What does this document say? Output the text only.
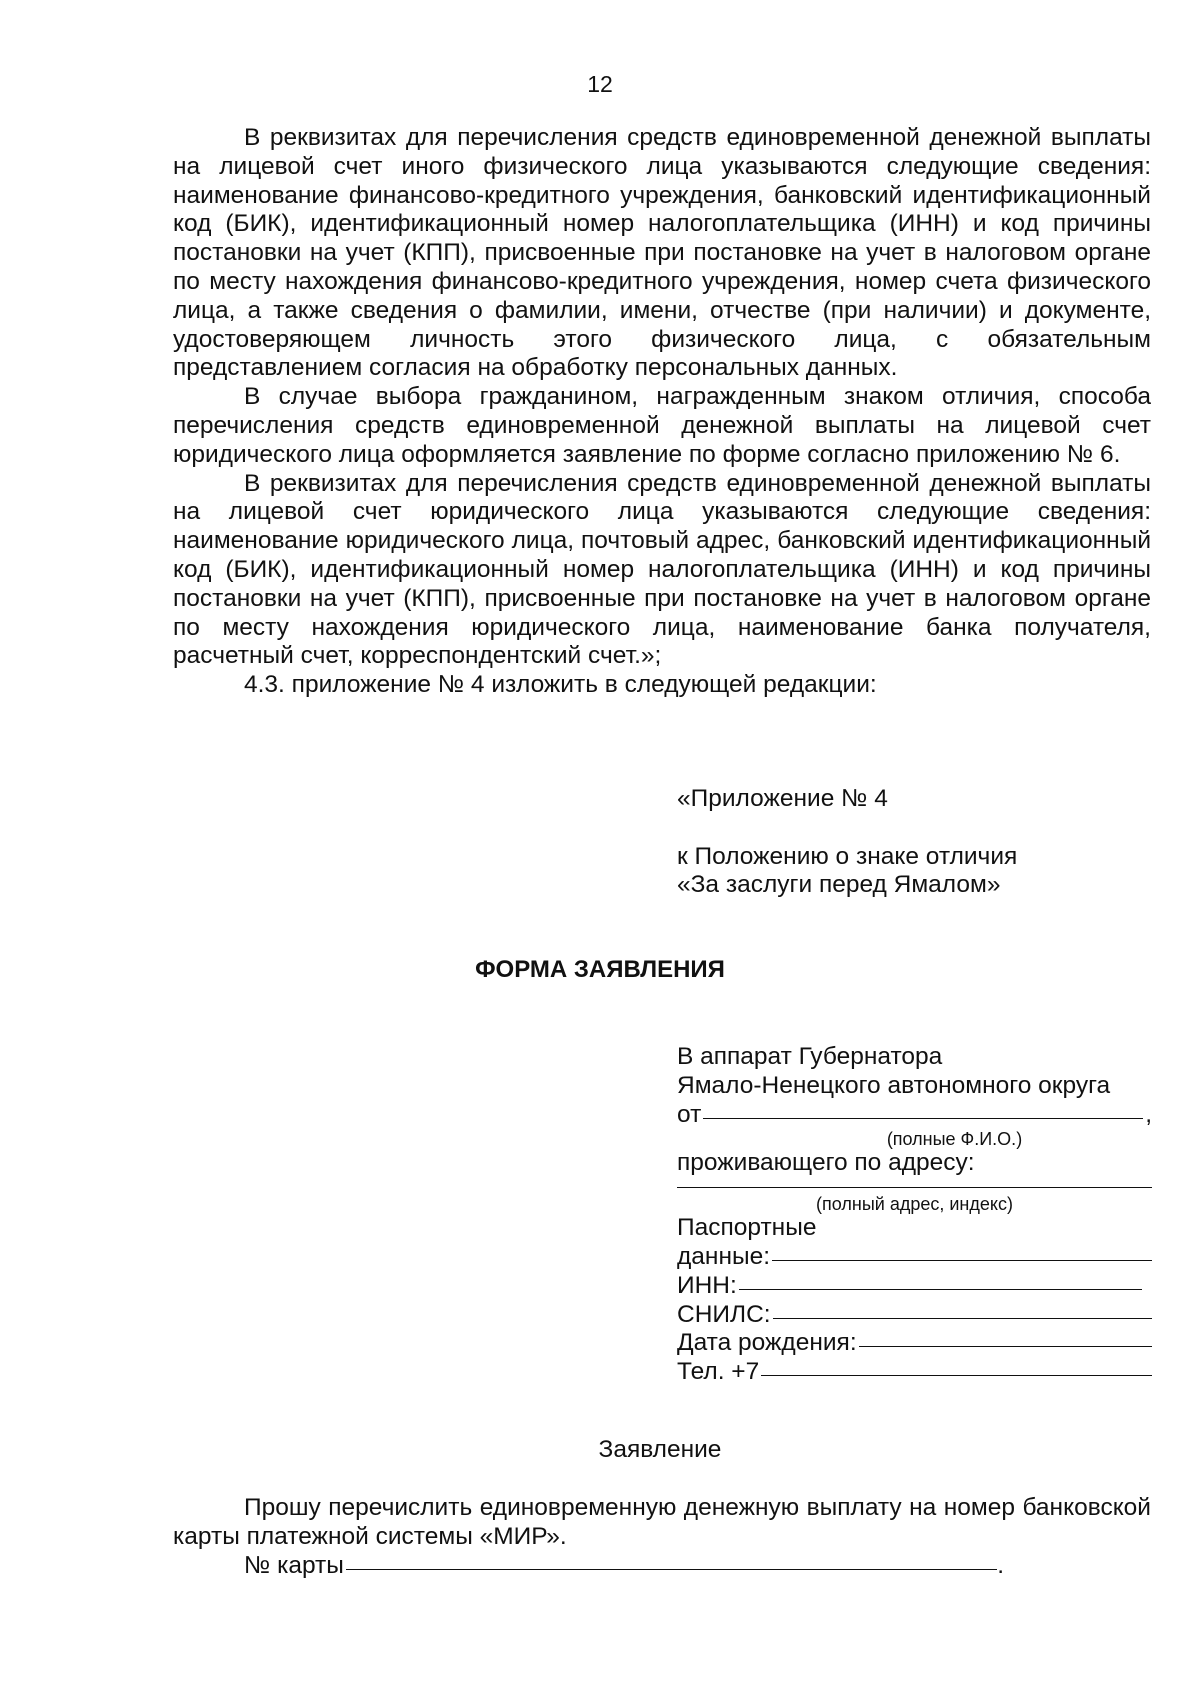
12

В реквизитах для перечисления средств единовременной денежной выплаты на лицевой счет иного физического лица указываются следующие сведения: наименование финансово-кредитного учреждения, банковский идентификационный код (БИК), идентификационный номер налогоплательщика (ИНН) и код причины постановки на учет (КПП), присвоенные при постановке на учет в налоговом органе по месту нахождения финансово-кредитного учреждения, номер счета физического лица, а также сведения о фамилии, имени, отчестве (при наличии) и документе, удостоверяющем личность этого физического лица, с обязательным представлением согласия на обработку персональных данных.

В случае выбора гражданином, награжденным знаком отличия, способа перечисления средств единовременной денежной выплаты на лицевой счет юридического лица оформляется заявление по форме согласно приложению № 6.

В реквизитах для перечисления средств единовременной денежной выплаты на лицевой счет юридического лица указываются следующие сведения: наименование юридического лица, почтовый адрес, банковский идентификационный код (БИК), идентификационный номер налогоплательщика (ИНН) и код причины постановки на учет (КПП), присвоенные при постановке на учет в налоговом органе по месту нахождения юридического лица, наименование банка получателя, расчетный счет, корреспондентский счет.»;

4.3. приложение № 4 изложить в следующей редакции:

«Приложение № 4
к Положению о знаке отличия
«За заслуги перед Ямалом»
ФОРМА ЗАЯВЛЕНИЯ
В аппарат Губернатора
Ямало-Ненецкого автономного округа
от	,
(полные Ф.И.О.)
проживающего по адресу:
(полный адрес, индекс)
Паспортные
данные:
ИНН:
СНИЛС:
Дата рождения:
Тел. +7
Заявление

Прошу перечислить единовременную денежную выплату на номер банковской карты платежной системы «МИР».

№ карты	.
